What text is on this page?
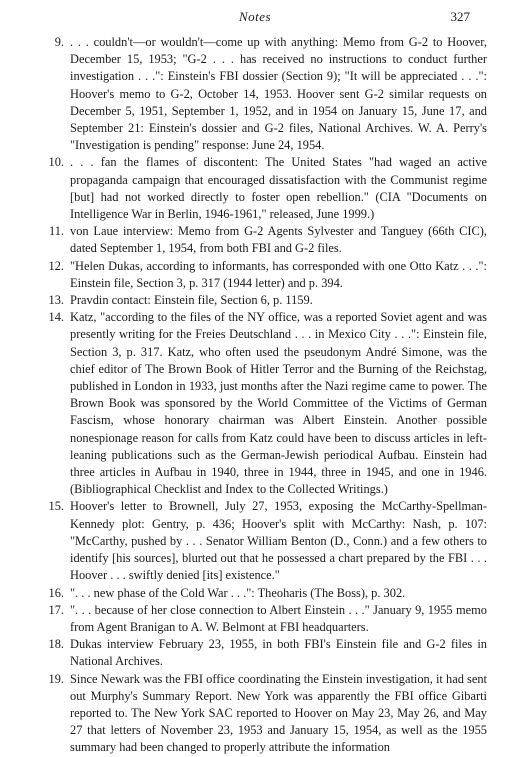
Notes	327
9. . . . couldn't—or wouldn't—come up with anything: Memo from G-2 to Hoover, December 15, 1953; "G-2 . . . has received no instructions to conduct further investigation . . .": Einstein's FBI dossier (Section 9); "It will be appreciated . . .": Hoover's memo to G-2, October 14, 1953. Hoover sent G-2 similar requests on December 5, 1951, September 1, 1952, and in 1954 on January 15, June 17, and September 21: Einstein's dossier and G-2 files, National Archives. W. A. Perry's "Investigation is pending" response: June 24, 1954.
10. . . . fan the flames of discontent: The United States "had waged an active propaganda campaign that encouraged dissatisfaction with the Communist regime [but] had not worked directly to foster open rebellion." (CIA "Documents on Intelligence War in Berlin, 1946-1961," released, June 1999.)
11. von Laue interview: Memo from G-2 Agents Sylvester and Tanguey (66th CIC), dated September 1, 1954, from both FBI and G-2 files.
12. "Helen Dukas, according to informants, has corresponded with one Otto Katz . . .": Einstein file, Section 3, p. 317 (1944 letter) and p. 394.
13. Pravdin contact: Einstein file, Section 6, p. 1159.
14. Katz, "according to the files of the NY office, was a reported Soviet agent and was presently writing for the Freies Deutschland . . . in Mexico City . . .": Einstein file, Section 3, p. 317. Katz, who often used the pseudonym André Simone, was the chief editor of The Brown Book of Hitler Terror and the Burning of the Reichstag, published in London in 1933, just months after the Nazi regime came to power. The Brown Book was sponsored by the World Committee of the Victims of German Fascism, whose honorary chairman was Albert Einstein. Another possible nonespionage reason for calls from Katz could have been to discuss articles in left-leaning publications such as the German-Jewish periodical Aufbau. Einstein had three articles in Aufbau in 1940, three in 1944, three in 1945, and one in 1946. (Bibliographical Checklist and Index to the Collected Writings.)
15. Hoover's letter to Brownell, July 27, 1953, exposing the McCarthy-Spellman-Kennedy plot: Gentry, p. 436; Hoover's split with McCarthy: Nash, p. 107: "McCarthy, pushed by . . . Senator William Benton (D., Conn.) and a few others to identify [his sources], blurted out that he possessed a chart prepared by the FBI . . . Hoover . . . swiftly denied [its] existence."
16. ". . . new phase of the Cold War . . .": Theoharis (The Boss), p. 302.
17. ". . . because of her close connection to Albert Einstein . . ." January 9, 1955 memo from Agent Branigan to A. W. Belmont at FBI headquarters.
18. Dukas interview February 23, 1955, in both FBI's Einstein file and G-2 files in National Archives.
19. Since Newark was the FBI office coordinating the Einstein investigation, it had sent out Murphy's Summary Report. New York was apparently the FBI office Gibarti reported to. The New York SAC reported to Hoover on May 23, May 26, and May 27 that letters of November 23, 1953 and January 15, 1954, as well as the 1955 summary had been changed to properly attribute the information
